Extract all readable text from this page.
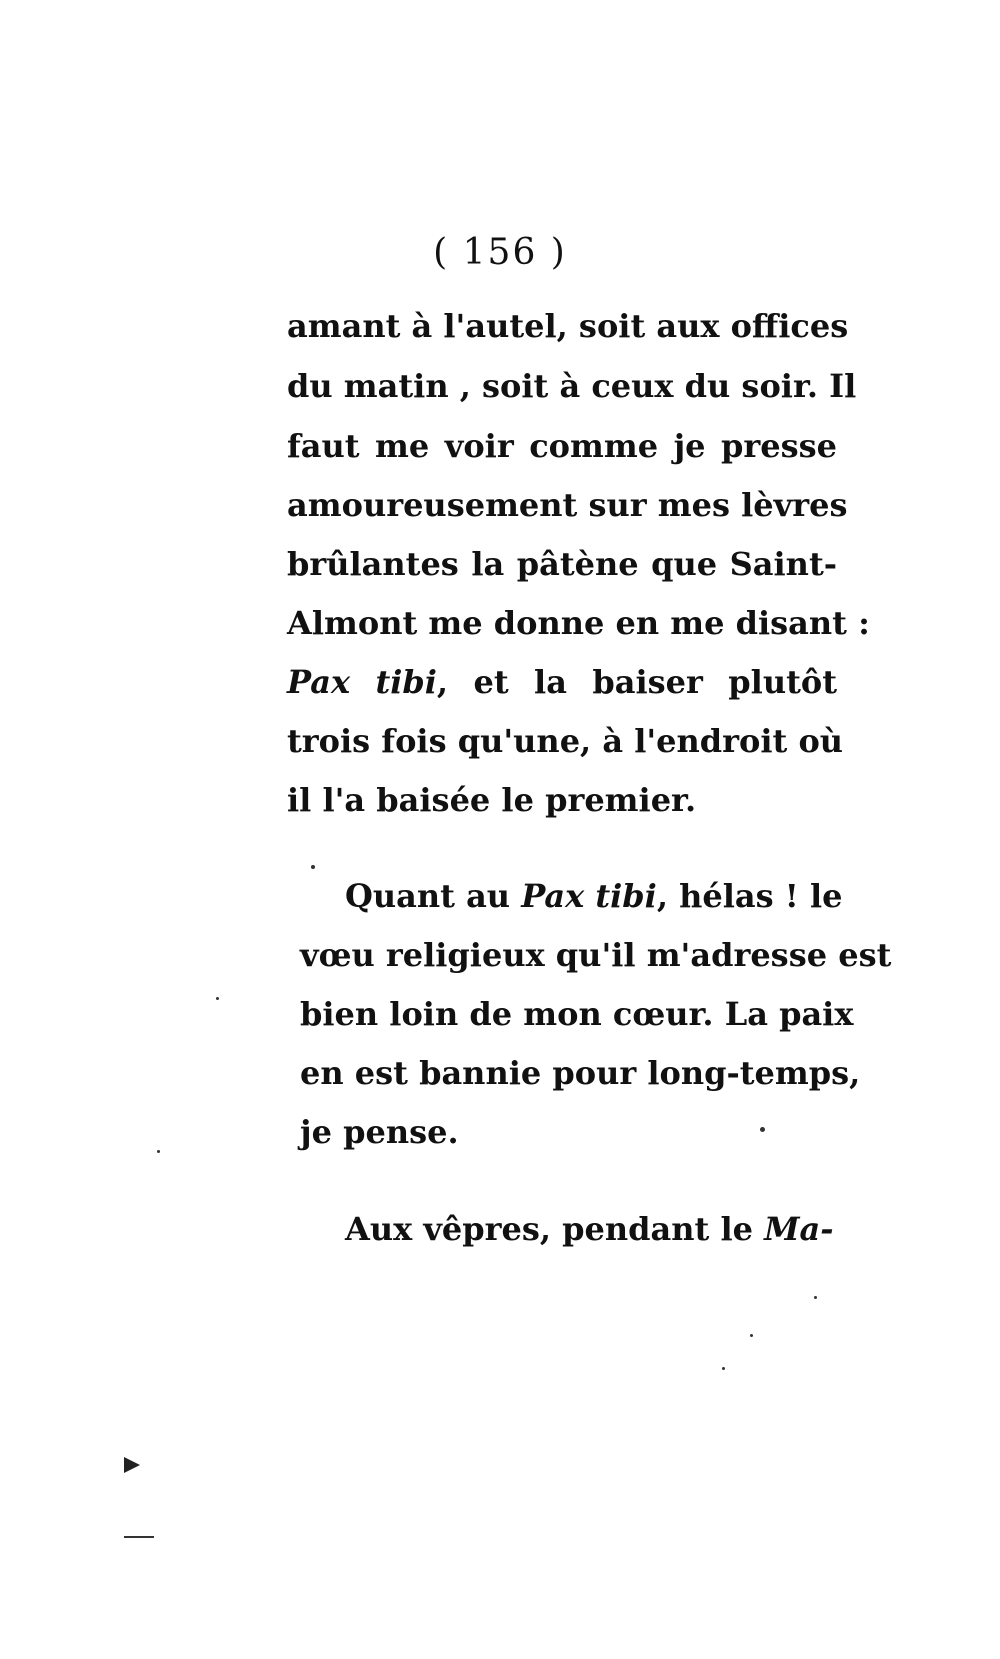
( 156 )
amant à l'autel, soit aux offices
du matin , soit à ceux du soir. Il
faut me voir comme je presse
amoureusement sur mes lèvres
brûlantes la pâtène que Saint-
Almont me donne en me disant :
Pax tibi, et la baiser plutôt
trois fois qu'une, à l'endroit où
il l'a baisée le premier.
Quant au Pax tibi, hélas ! le
vœu religieux qu'il m'adresse est
bien loin de mon cœur. La paix
en est bannie pour long-temps,
je pense.
Aux vêpres, pendant le Ma-
